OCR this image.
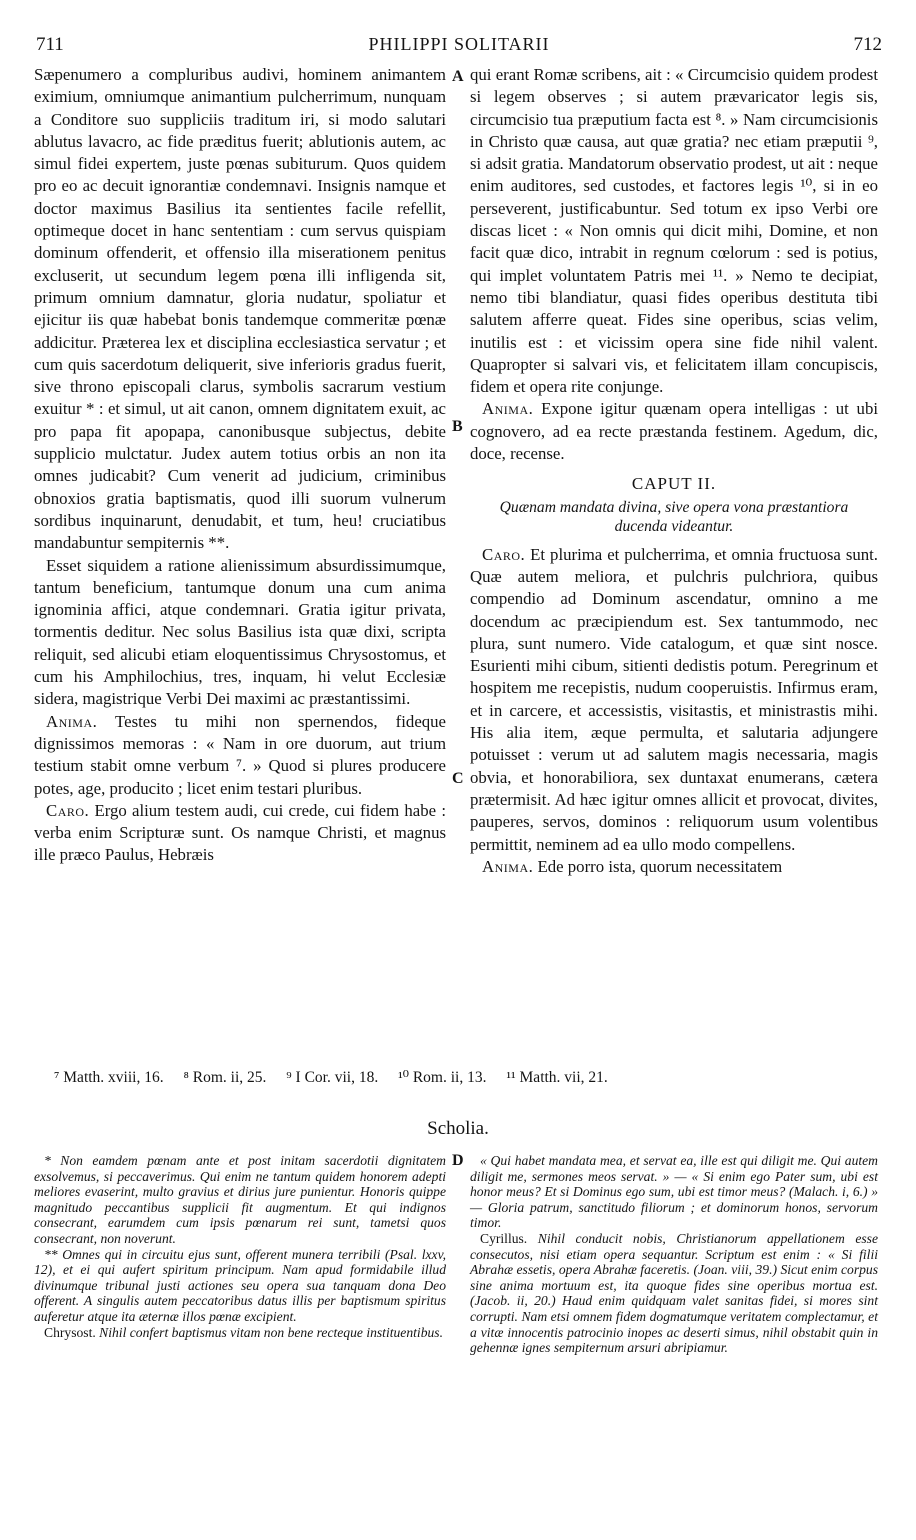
711	PHILIPPI SOLITARII	712
A
B
C
D

Sæpenumero a compluribus audivi, hominem animantem eximium, omniumque animantium pulcherrimum, nunquam a Conditore suo suppliciis traditum iri, si modo salutari ablutus lavacro, ac fide præditus fuerit; ablutionis autem, ac simul fidei expertem, juste pœnas subiturum. Quos quidem pro eo ac decuit ignorantiæ condemnavi. Insignis namque et doctor maximus Basilius ita sentientes facile refellit, optimeque docet in hanc sententiam : cum servus quispiam dominum offenderit, et offensio illa miserationem penitus excluserit, ut secundum legem pœna illi infligenda sit, primum omnium damnatur, gloria nudatur, spoliatur et ejicitur iis quæ habebat bonis tandemque commeritæ pœnæ addicitur. Præterea lex et disciplina ecclesiastica servatur ; et cum quis sacerdotum deliquerit, sive inferioris gradus fuerit, sive throno episcopali clarus, symbolis sacrarum vestium exuitur * : et simul, ut ait canon, omnem dignitatem exuit, ac pro papa fit apopapa, canonibusque subjectus, debite supplicio mulctatur. Judex autem totius orbis an non ita omnes judicabit? Cum venerit ad judicium, criminibus obnoxios gratia baptismatis, quod illi suorum vulnerum sordibus inquinarunt, denudabit, et tum, heu! cruciatibus mandabuntur sempiternis **.

Esset siquidem a ratione alienissimum absurdissimumque, tantum beneficium, tantumque donum una cum anima ignominia affici, atque condemnari. Gratia igitur privata, tormentis deditur. Nec solus Basilius ista quæ dixi, scripta reliquit, sed alicubi etiam eloquentissimus Chrysostomus, et cum his Amphilochius, tres, inquam, hi velut Ecclesiæ sidera, magistrique Verbi Dei maximi ac præstantissimi.

Anima. Testes tu mihi non spernendos, fideque dignissimos memoras : « Nam in ore duorum, aut trium testium stabit omne verbum ⁷. » Quod si plures producere potes, age, producito ; licet enim testari pluribus.

Caro. Ergo alium testem audi, cui crede, cui fidem habe : verba enim Scripturæ sunt. Os namque Christi, et magnus ille præco Paulus, Hebræis

qui erant Romæ scribens, ait : « Circumcisio quidem prodest si legem observes ; si autem prævaricator legis sis, circumcisio tua præputium facta est ⁸. » Nam circumcisionis in Christo quæ causa, aut quæ gratia? nec etiam præputii ⁹, si adsit gratia. Mandatorum observatio prodest, ut ait : neque enim auditores, sed custodes, et factores legis ¹⁰, si in eo perseverent, justificabuntur. Sed totum ex ipso Verbi ore discas licet : « Non omnis qui dicit mihi, Domine, et non facit quæ dico, intrabit in regnum cœlorum : sed is potius, qui implet voluntatem Patris mei ¹¹. » Nemo te decipiat, nemo tibi blandiatur, quasi fides operibus destituta tibi salutem afferre queat. Fides sine operibus, scias velim, inutilis est : et vicissim opera sine fide nihil valent. Quapropter si salvari vis, et felicitatem illam concupiscis, fidem et opera rite conjunge.

Anima. Expone igitur quænam opera intelligas : ut ubi cognovero, ad ea recte præstanda festinem. Agedum, dic, doce, recense.

CAPUT II.
Quænam mandata divina, sive opera vona præstantiora ducenda videantur.

Caro. Et plurima et pulcherrima, et omnia fructuosa sunt. Quæ autem meliora, et pulchris pulchriora, quibus compendio ad Dominum ascendatur, omnino a me docendum ac præcipiendum est. Sex tantummodo, nec plura, sunt numero. Vide catalogum, et quæ sint nosce. Esurienti mihi cibum, sitienti dedistis potum. Peregrinum et hospitem me recepistis, nudum cooperuistis. Infirmus eram, et in carcere, et accessistis, visitastis, et ministrastis mihi. His alia item, æque permulta, et salutaria adjungere potuisset : verum ut ad salutem magis necessaria, magis obvia, et honorabiliora, sex duntaxat enumerans, cætera prætermisit. Ad hæc igitur omnes allicit et provocat, divites, pauperes, servos, dominos : reliquorum usum volentibus permittit, neminem ad ea ullo modo compellens.

Anima. Ede porro ista, quorum necessitatem

⁷ Matth. xviii, 16. ⁸ Rom. ii, 25. ⁹ I Cor. vii, 18. ¹⁰ Rom. ii, 13. ¹¹ Matth. vii, 21.
Scholia.

* Non eamdem pœnam ante et post initam sacerdotii dignitatem exsolvemus, si peccaverimus. Qui enim ne tantum quidem honorem adepti meliores evaserint, multo gravius et dirius jure punientur. Honoris quippe magnitudo peccantibus supplicii fit augmentum. Et qui indignos consecrant, earumdem cum ipsis pœnarum rei sunt, tametsi quos consecrant, non noverunt.

** Omnes qui in circuitu ejus sunt, offerent munera terribili (Psal. lxxv, 12), et ei qui aufert spiritum principum. Nam apud formidabile illud divinumque tribunal justi actiones seu opera sua tanquam dona Deo offerent. A singulis autem peccatoribus datus illis per baptismum spiritus auferetur atque ita æternæ illos pœnæ excipient.

Chrysost. Nihil confert baptismus vitam non bene recteque instituentibus.

« Qui habet mandata mea, et servat ea, ille est qui diligit me. Qui autem diligit me, sermones meos servat. » — « Si enim ego Pater sum, ubi est honor meus? Et si Dominus ego sum, ubi est timor meus? (Malach. i, 6.) » — Gloria patrum, sanctitudo filiorum ; et dominorum honos, servorum timor.

Cyrillus. Nihil conducit nobis, Christianorum appellationem esse consecutos, nisi etiam opera sequantur. Scriptum est enim : « Si filii Abrahæ essetis, opera Abrahæ faceretis. (Joan. viii, 39.) Sicut enim corpus sine anima mortuum est, ita quoque fides sine operibus mortua est. (Jacob. ii, 20.) Haud enim quidquam valet sanitas fidei, si mores sint corrupti. Nam etsi omnem fidem dogmatumque veritatem complectamur, et a vitæ innocentis patrocinio inopes ac deserti simus, nihil obstabit quin in gehennæ ignes sempiternum arsuri abripiamur.
